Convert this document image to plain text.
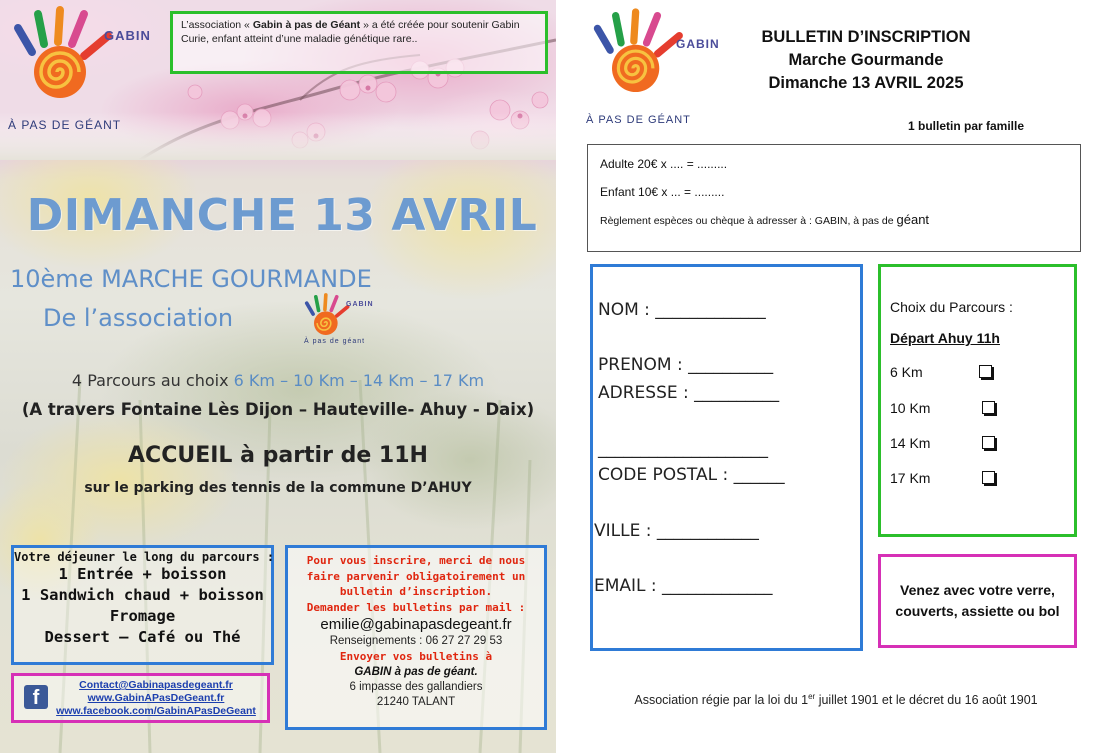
GABIN
À PAS DE GÉANT
L’association « Gabin à pas de Géant » a été créée pour soutenir Gabin Curie, enfant atteint d’une maladie génétique rare..
DIMANCHE 13 AVRIL
10ème MARCHE GOURMANDE
De l’association	GABIN
À pas de géant
4 Parcours au choix 6 Km – 10 Km – 14 Km – 17 Km
(A travers Fontaine Lès Dijon – Hauteville- Ahuy - Daix)
ACCUEIL à partir de 11H
sur le parking des tennis de la commune D’AHUY
Votre déjeuner le long du parcours :
1 Entrée + boisson
1 Sandwich chaud + boisson
Fromage
Dessert – Café ou Thé
f
Contact@Gabinapasdegeant.fr
www.GabinAPasDeGeant.fr
www.facebook.com/GabinAPasDeGeant
Pour vous inscrire, merci de nous
faire parvenir obligatoirement un
bulletin d’inscription.
Demander les bulletins par mail :
emilie@gabinapasdegeant.fr
Renseignements : 06 27 27 29 53
Envoyer vos bulletins à
GABIN à pas de géant.
6 impasse des gallandiers
21240 TALANT
GABIN
À PAS DE GÉANT
BULLETIN D’INSCRIPTION
Marche Gourmande
Dimanche 13 AVRIL 2025
1 bulletin par famille
Adulte 20€ x .... = .........
Enfant 10€ x ... = .........
Règlement espèces ou chèque à adresser à : GABIN, à pas de géant
NOM : _____________
PRENOM : __________
ADRESSE : __________
____________________
CODE POSTAL : ______
VILLE : ____________
EMAIL : _____________
Choix du Parcours :
Départ Ahuy 11h
6 Km
10 Km
14 Km
17 Km
Venez avec votre verre, couverts, assiette ou bol
Association régie par la loi du 1er juillet 1901 et le décret du 16 août 1901
